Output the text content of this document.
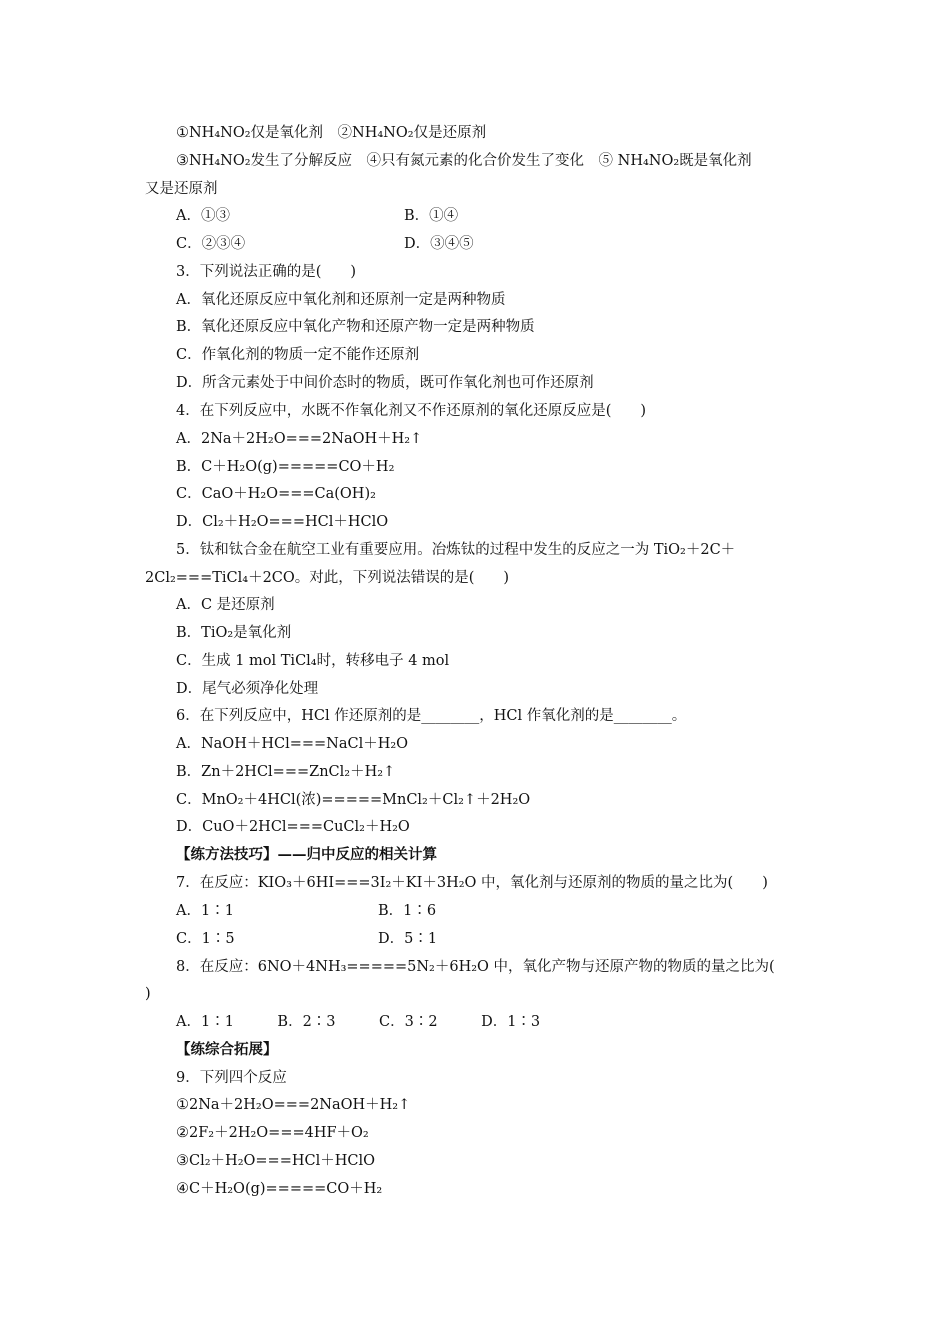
①NH₄NO₂仅是氧化剂　②NH₄NO₂仅是还原剂
③NH₄NO₂发生了分解反应　④只有氮元素的化合价发生了变化　⑤ NH₄NO₂既是氧化剂
又是还原剂
A．①③	B．①④
C．②③④	D．③④⑤
3．下列说法正确的是(　　)
A．氧化还原反应中氧化剂和还原剂一定是两种物质
B．氧化还原反应中氧化产物和还原产物一定是两种物质
C．作氧化剂的物质一定不能作还原剂
D．所含元素处于中间价态时的物质，既可作氧化剂也可作还原剂
4．在下列反应中，水既不作氧化剂又不作还原剂的氧化还原反应是(　　)
A．2Na＋2H₂O===2NaOH＋H₂↑
B．C＋H₂O(g)=====CO＋H₂
C．CaO＋H₂O===Ca(OH)₂
D．Cl₂＋H₂O===HCl＋HClO
5．钛和钛合金在航空工业有重要应用。冶炼钛的过程中发生的反应之一为 TiO₂＋2C＋
2Cl₂===TiCl₄＋2CO。对此，下列说法错误的是(　　)
A．C 是还原剂
B．TiO₂是氧化剂
C．生成 1 mol TiCl₄时，转移电子 4 mol
D．尾气必须净化处理
6．在下列反应中，HCl 作还原剂的是________，HCl 作氧化剂的是________。
A．NaOH＋HCl===NaCl＋H₂O
B．Zn＋2HCl===ZnCl₂＋H₂↑
C．MnO₂＋4HCl(浓)=====MnCl₂＋Cl₂↑＋2H₂O
D．CuO＋2HCl===CuCl₂＋H₂O
【练方法技巧】——归中反应的相关计算
7．在反应：KIO₃＋6HI===3I₂＋KI＋3H₂O 中，氧化剂与还原剂的物质的量之比为(　　)
A．1∶1	B．1∶6
C．1∶5	D．5∶1
8．在反应：6NO＋4NH₃=====5N₂＋6H₂O 中，氧化产物与还原产物的物质的量之比为(
)
A．1∶1　　　B．2∶3　　　C．3∶2　　　D．1∶3
【练综合拓展】
9．下列四个反应
①2Na＋2H₂O===2NaOH＋H₂↑
②2F₂＋2H₂O===4HF＋O₂
③Cl₂＋H₂O===HCl＋HClO
④C＋H₂O(g)=====CO＋H₂
